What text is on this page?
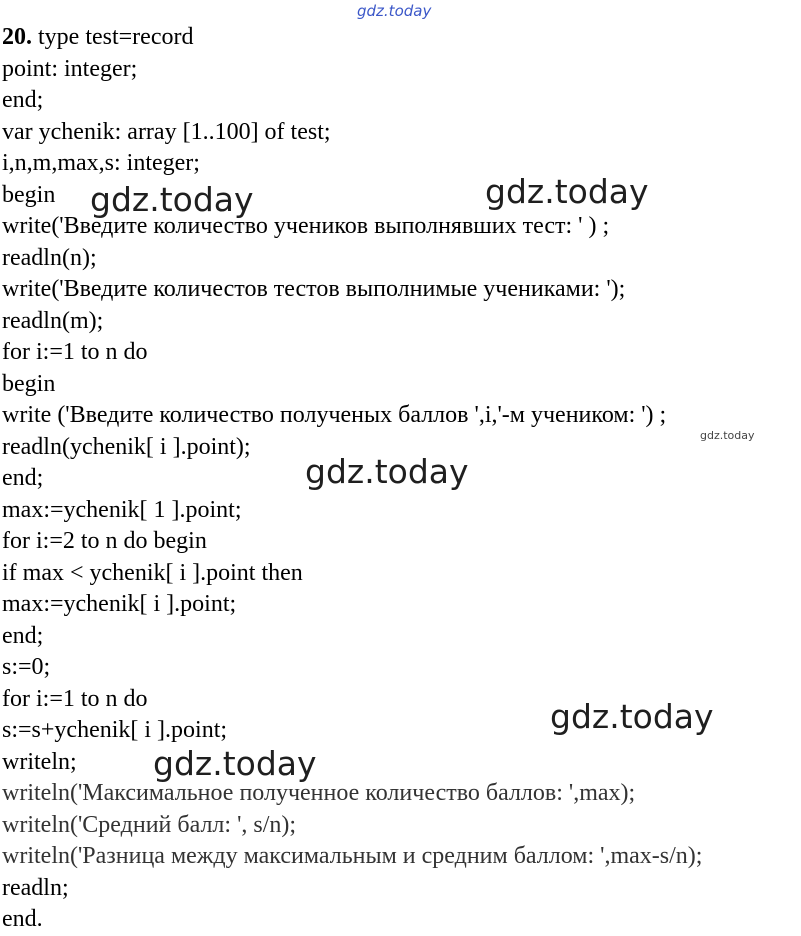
20. type test=record
point: integer;
end;
var ychenik: array [1..100] of test;
i,n,m,max,s: integer;
begin
write('Введите количество учеников выполнявших тест: ' ) ;
readln(n);
write('Введите количестов тестов выполнимые учениками: ');
readln(m);
for i:=1 to n do
begin
write ('Введите количество полученых баллов ',i,'-м учеником: ') ;
readln(ychenik[ i ].point);
end;
max:=ychenik[ 1 ].point;
for i:=2 to n do begin
if max < ychenik[ i ].point then
max:=ychenik[ i ].point;
end;
s:=0;
for i:=1 to n do
s:=s+ychenik[ i ].point;
writeln;
writeln('Максимальное полученное количество баллов: ',max);
writeln('Средний балл: ', s/n);
writeln('Разница между максимальным и средним баллом: ',max-s/n);
readln;
end.
gdz.today
gdz.today	gdz.today
gdz.today
gdz.today
gdz.today
gdz.today
